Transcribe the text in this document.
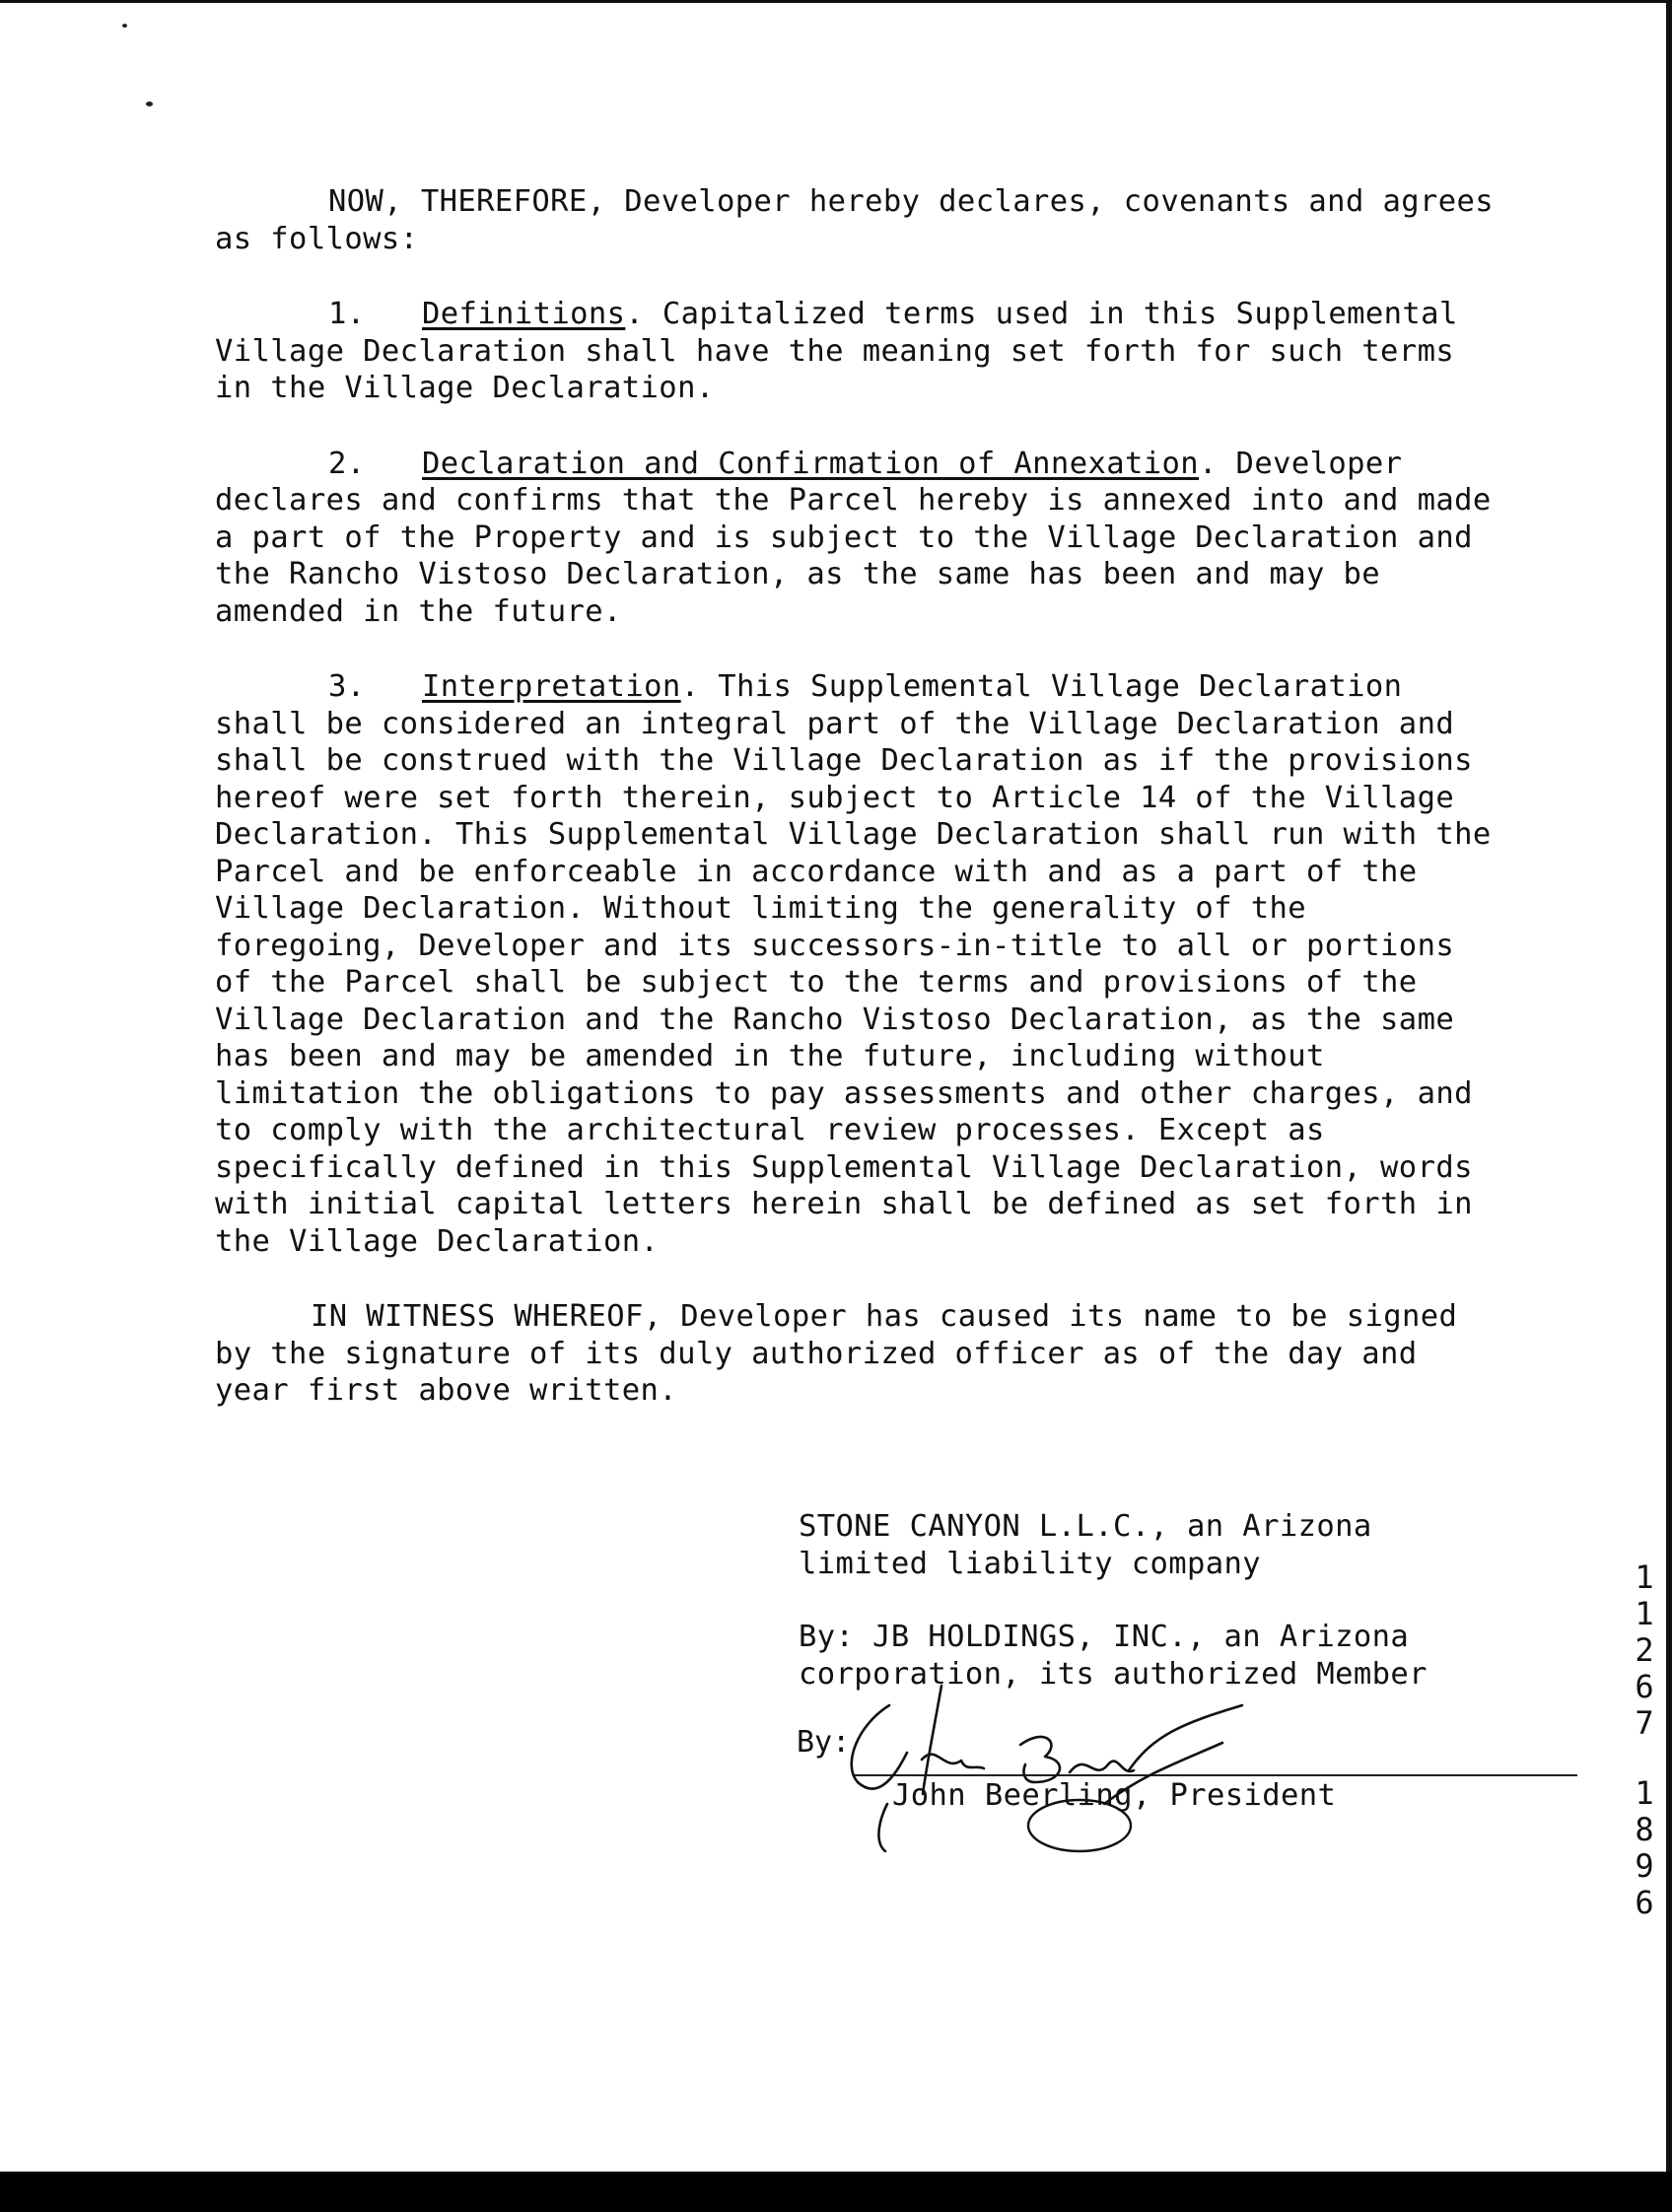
NOW, THEREFORE, Developer hereby declares, covenants and agrees as follows:

1. Definitions. Capitalized terms used in this Supplemental Village Declaration shall have the meaning set forth for such terms in the Village Declaration.

2. Declaration and Confirmation of Annexation. Developer declares and confirms that the Parcel hereby is annexed into and made a part of the Property and is subject to the Village Declaration and the Rancho Vistoso Declaration, as the same has been and may be amended in the future.

3. Interpretation. This Supplemental Village Declaration shall be considered an integral part of the Village Declaration and shall be construed with the Village Declaration as if the provisions hereof were set forth therein, subject to Article 14 of the Village Declaration. This Supplemental Village Declaration shall run with the Parcel and be enforceable in accordance with and as a part of the Village Declaration. Without limiting the generality of the foregoing, Developer and its successors-in-title to all or portions of the Parcel shall be subject to the terms and provisions of the Village Declaration and the Rancho Vistoso Declaration, as the same has been and may be amended in the future, including without limitation the obligations to pay assessments and other charges, and to comply with the architectural review processes. Except as specifically defined in this Supplemental Village Declaration, words with initial capital letters herein shall be defined as set forth in the Village Declaration.

IN WITNESS WHEREOF, Developer has caused its name to be signed by the signature of its duly authorized officer as of the day and year first above written.

STONE CANYON L.L.C., an Arizona limited liability company

By: JB HOLDINGS, INC., an Arizona corporation, its authorized Member

By:
John Beerling, President
1
1
2
6
7
1
8
9
6
